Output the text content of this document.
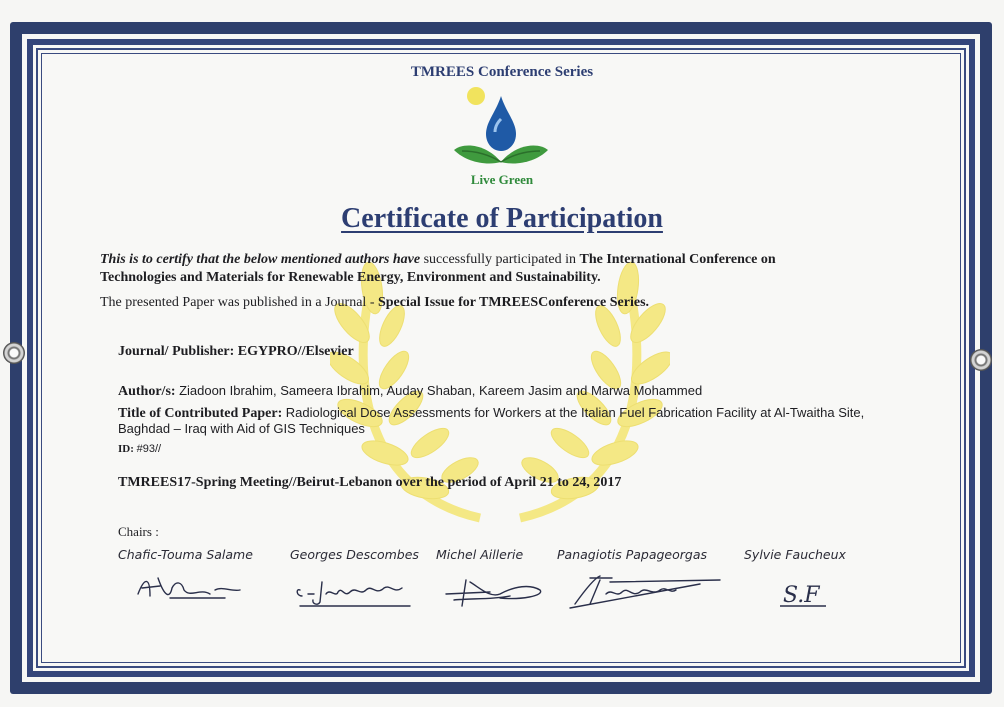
TMREES Conference Series
Live Green
Certificate of Participation
This is to certify that the below mentioned authors have successfully participated in The International Conference on
Technologies and Materials for Renewable Energy, Environment and Sustainability.
The presented Paper was published in a Journal - Special Issue for TMREESConference Series.
Journal/ Publisher: EGYPRO//Elsevier
Author/s: Ziadoon Ibrahim, Sameera Ibrahim, Auday Shaban, Kareem Jasim and Marwa Mohammed
Title of Contributed Paper: Radiological Dose Assessments for Workers at the Italian Fuel Fabrication Facility at Al-Twaitha Site,
Baghdad – Iraq with Aid of GIS Techniques
ID: #93//
TMREES17-Spring Meeting//Beirut-Lebanon over the period of April 21 to 24, 2017
Chairs :
Chafic-Touma Salame	Georges Descombes Michel Aillerie	Panagiotis Papageorgas	Sylvie Faucheux
S.F
